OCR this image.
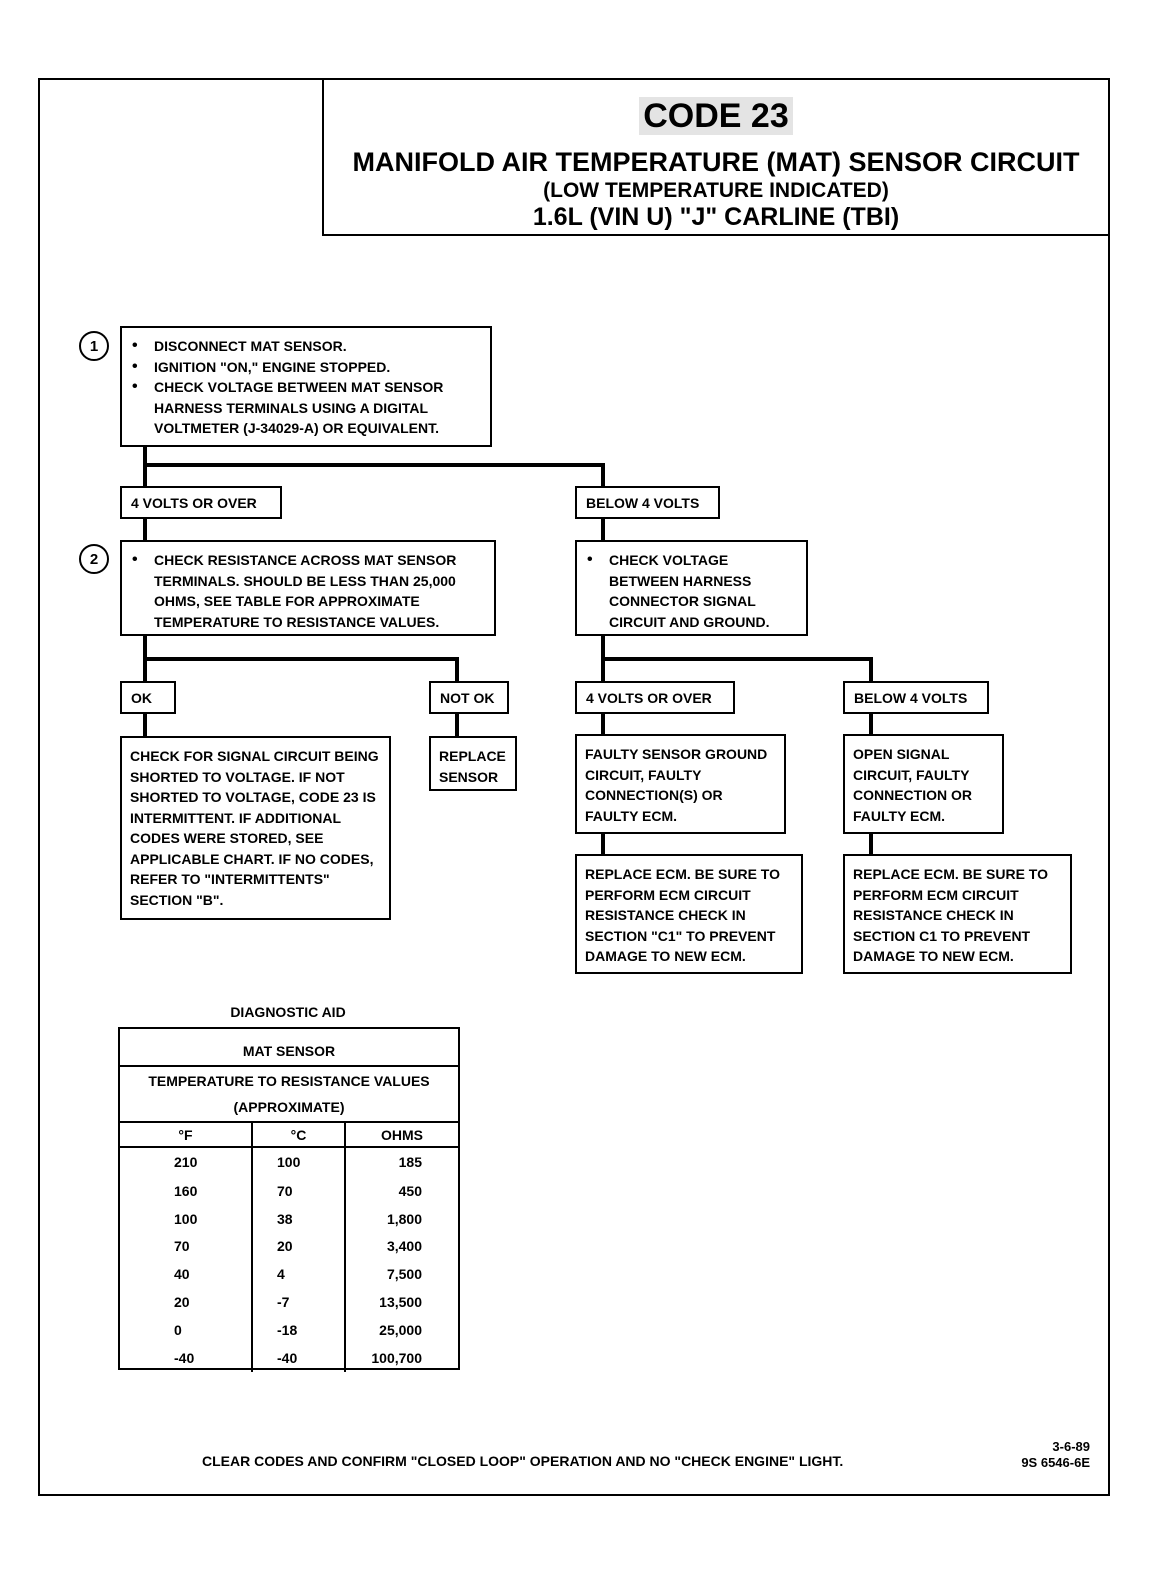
CODE 23
MANIFOLD AIR TEMPERATURE (MAT) SENSOR CIRCUIT
(LOW TEMPERATURE INDICATED)
1.6L (VIN U) "J" CARLINE (TBI)
1	• DISCONNECT MAT SENSOR.
• IGNITION "ON," ENGINE STOPPED.
• CHECK VOLTAGE BETWEEN MAT SENSOR HARNESS TERMINALS USING A DIGITAL VOLTMETER (J-34029-A) OR EQUIVALENT.
4 VOLTS OR OVER	BELOW 4 VOLTS
2	• CHECK RESISTANCE ACROSS MAT SENSOR TERMINALS. SHOULD BE LESS THAN 25,000 OHMS, SEE TABLE FOR APPROXIMATE TEMPERATURE TO RESISTANCE VALUES.
• CHECK VOLTAGE BETWEEN HARNESS CONNECTOR SIGNAL CIRCUIT AND GROUND.
OK	NOT OK	4 VOLTS OR OVER	BELOW 4 VOLTS
CHECK FOR SIGNAL CIRCUIT BEING SHORTED TO VOLTAGE. IF NOT SHORTED TO VOLTAGE, CODE 23 IS INTERMITTENT. IF ADDITIONAL CODES WERE STORED, SEE APPLICABLE CHART. IF NO CODES, REFER TO "INTERMITTENTS" SECTION "B".
REPLACE SENSOR
FAULTY SENSOR GROUND CIRCUIT, FAULTY CONNECTION(S) OR FAULTY ECM.
OPEN SIGNAL CIRCUIT, FAULTY CONNECTION OR FAULTY ECM.
REPLACE ECM. BE SURE TO PERFORM ECM CIRCUIT RESISTANCE CHECK IN SECTION "C1" TO PREVENT DAMAGE TO NEW ECM.
REPLACE ECM. BE SURE TO PERFORM ECM CIRCUIT RESISTANCE CHECK IN SECTION C1 TO PREVENT DAMAGE TO NEW ECM.
DIAGNOSTIC AID
MAT SENSOR
TEMPERATURE TO RESISTANCE VALUES
(APPROXIMATE)
°F	°C	OHMS
210	100	185
160	70	450
100	38	1,800
70	20	3,400
40	4	7,500
20	-7	13,500
0	-18	25,000
-40	-40	100,700
CLEAR CODES AND CONFIRM "CLOSED LOOP" OPERATION AND NO "CHECK ENGINE" LIGHT.
3-6-89
9S 6546-6E
